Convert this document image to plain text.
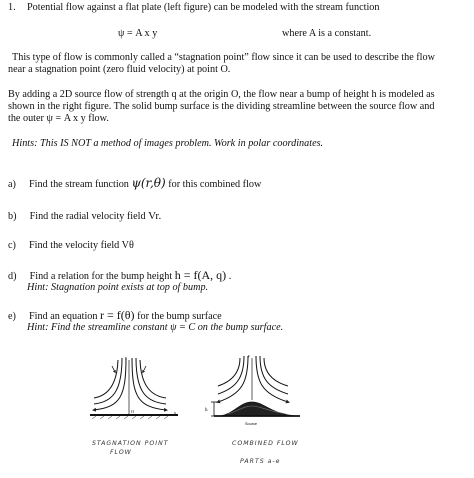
1. Potential flow against a flat plate (left figure) can be modeled with the stream function
ψ = A x y	where A is a constant.
This type of flow is commonly called a “stagnation point” flow since it can be used to describe the flow
near a stagnation point (zero fluid velocity) at point O.
By adding a 2D source flow of strength q at the origin O, the flow near a bump of height h is modeled as
shown in the right figure. The solid bump surface is the dividing streamline between the source flow and
the outer ψ = A x y flow.
Hints: This IS NOT a method of images problem. Work in polar coordinates.
a) Find the stream function ψ(r,θ) for this combined flow
b) Find the radial velocity field Vr.
c) Find the velocity field Vθ
d) Find a relation for the bump height h = f(A, q) .
Hint: Stagnation point exists at top of bump.
e) Find an equation r = f(θ) for the bump surface
Hint: Find the streamline constant ψ = C on the bump surface.
y
x
O	h
y
Source
STAGNATION POINT
FLOW
COMBINED FLOW
PARTS a-e
